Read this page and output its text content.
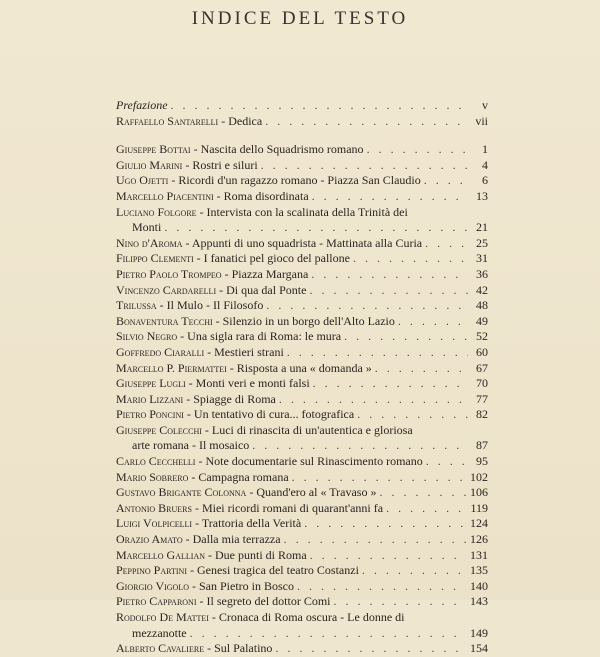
INDICE DEL TESTO
Prefazione . . .	v
Raffaello Santarelli - Dedica . . .	vii
Giuseppe Bottai - Nascita dello Squadrismo romano . . .	1
Giulio Marini - Rostri e siluri . . .	4
Ugo Ojetti - Ricordi d'un ragazzo romano - Piazza San Claudio . . .	6
Marcello Piacentini - Roma disordinata . . .	13
Luciano Folgore - Intervista con la scalinata della Trinità dei
Monti . . .	21
Nino d'Aroma - Appunti di uno squadrista - Mattinata alla Curia . . .	25
Filippo Clementi - I fanatici pel gioco del pallone . . .	31
Pietro Paolo Trompeo - Piazza Margana . . .	36
Vincenzo Cardarelli - Di qua dal Ponte . . .	42
Trilussa - Il Mulo - Il Filosofo . . .	48
Bonaventura Tecchi - Silenzio in un borgo dell'Alto Lazio . . .	49
Silvio Negro - Una sigla rara di Roma: le mura . . .	52
Goffredo Ciaralli - Mestieri strani . . .	60
Marcello P. Piermattei - Risposta a una « domanda » . . .	67
Giuseppe Lugli - Monti veri e monti falsi . . .	70
Mario Lizzani - Spiagge di Roma . . .	77
Pietro Poncini - Un tentativo di cura... fotografica . . .	82
Giuseppe Colecchi - Luci di rinascita di un'autentica e gloriosa
arte romana - Il mosaico . . .	87
Carlo Cecchelli - Note documentarie sul Rinascimento romano . . .	95
Mario Sobrero - Campagna romana . . .	102
Gustavo Brigante Colonna - Quand'ero al « Travaso » . . .	106
Antonio Bruers - Miei ricordi romani di quarant'anni fa . . .	119
Luigi Volpicelli - Trattoria della Verità . . .	124
Orazio Amato - Dalla mia terrazza . . .	126
Marcello Gallian - Due punti di Roma . . .	131
Peppino Partini - Genesi tragica del teatro Costanzi . . .	135
Giorgio Vigolo - San Pietro in Bosco . . .	140
Pietro Capparoni - Il segreto del dottor Comi . . .	143
Rodolfo De Mattei - Cronaca di Roma oscura - Le donne di
mezzanotte . . .	149
Alberto Cavaliere - Sul Palatino . . .	154
